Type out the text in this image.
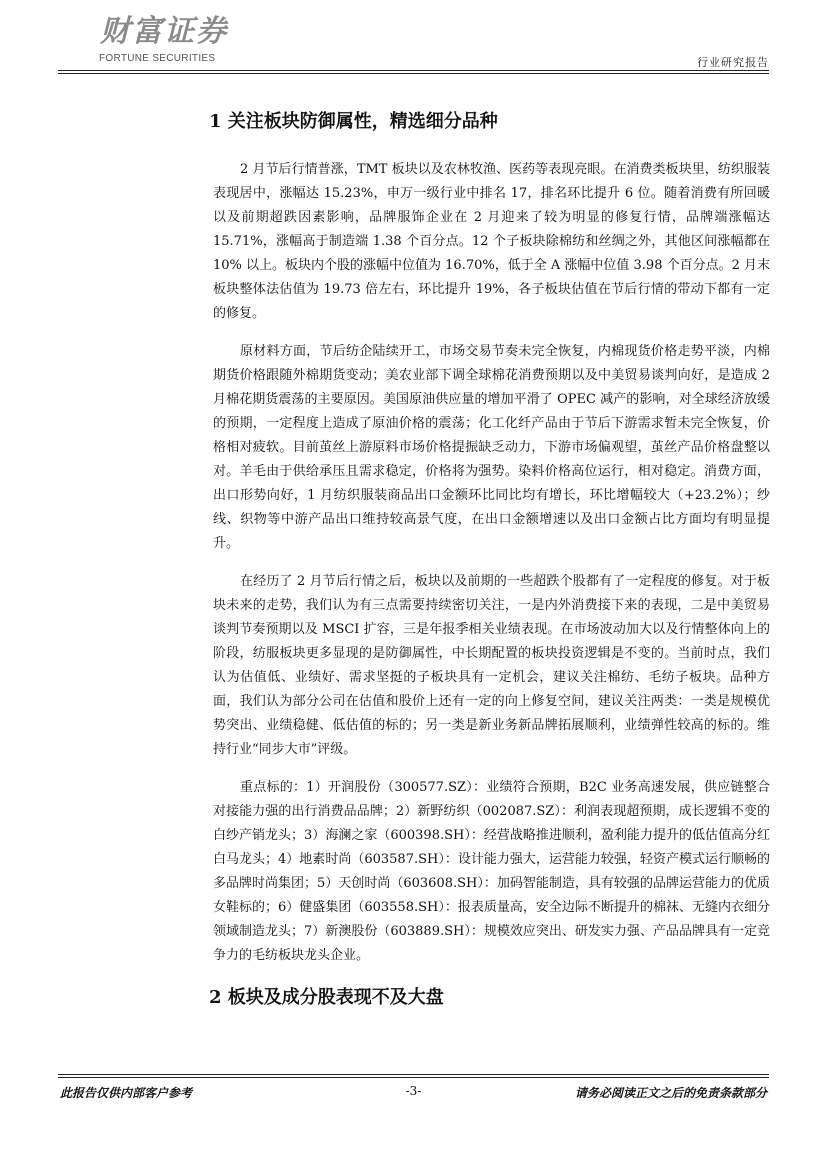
财富证券
FORTUNE SECURITIES	行业研究报告
1 关注板块防御属性，精选细分品种

2 月节后行情普涨，TMT 板块以及农林牧渔、医药等表现亮眼。在消费类板块里，纺织服装表现居中，涨幅达 15.23%，申万一级行业中排名 17，排名环比提升 6 位。随着消费有所回暖以及前期超跌因素影响，品牌服饰企业在 2 月迎来了较为明显的修复行情，品牌端涨幅达 15.71%，涨幅高于制造端 1.38 个百分点。12 个子板块除棉纺和丝绸之外，其他区间涨幅都在 10% 以上。板块内个股的涨幅中位值为 16.70%，低于全 A 涨幅中位值 3.98 个百分点。2 月末板块整体法估值为 19.73 倍左右，环比提升 19%，各子板块估值在节后行情的带动下都有一定的修复。

原材料方面，节后纺企陆续开工，市场交易节奏未完全恢复，内棉现货价格走势平淡，内棉期货价格跟随外棉期货变动；美农业部下调全球棉花消费预期以及中美贸易谈判向好，是造成 2 月棉花期货震荡的主要原因。美国原油供应量的增加平滑了 OPEC 减产的影响，对全球经济放缓的预期，一定程度上造成了原油价格的震荡；化工化纤产品由于节后下游需求暂未完全恢复，价格相对疲软。目前茧丝上游原料市场价格提振缺乏动力，下游市场偏观望，茧丝产品价格盘整以对。羊毛由于供给承压且需求稳定，价格将为强势。染料价格高位运行，相对稳定。消费方面，出口形势向好，1 月纺织服装商品出口金额环比同比均有增长，环比增幅较大（+23.2%）；纱线、织物等中游产品出口维持较高景气度，在出口金额增速以及出口金额占比方面均有明显提升。

在经历了 2 月节后行情之后，板块以及前期的一些超跌个股都有了一定程度的修复。对于板块未来的走势，我们认为有三点需要持续密切关注，一是内外消费接下来的表现，二是中美贸易谈判节奏预期以及 MSCI 扩容，三是年报季相关业绩表现。在市场波动加大以及行情整体向上的阶段，纺服板块更多显现的是防御属性，中长期配置的板块投资逻辑是不变的。当前时点，我们认为估值低、业绩好、需求坚挺的子板块具有一定机会，建议关注棉纺、毛纺子板块。品种方面，我们认为部分公司在估值和股价上还有一定的向上修复空间，建议关注两类：一类是规模优势突出、业绩稳健、低估值的标的；另一类是新业务新品牌拓展顺利，业绩弹性较高的标的。维持行业“同步大市”评级。

重点标的：1）开润股份（300577.SZ）：业绩符合预期，B2C 业务高速发展，供应链整合对接能力强的出行消费品品牌；2）新野纺织（002087.SZ）：利润表现超预期，成长逻辑不变的白纱产销龙头；3）海澜之家（600398.SH）：经营战略推进顺利，盈利能力提升的低估值高分红白马龙头；4）地素时尚（603587.SH）：设计能力强大，运营能力较强，轻资产模式运行顺畅的多品牌时尚集团；5）天创时尚（603608.SH）：加码智能制造，具有较强的品牌运营能力的优质女鞋标的；6）健盛集团（603558.SH）：报表质量高，安全边际不断提升的棉袜、无缝内衣细分领域制造龙头；7）新澳股份（603889.SH）：规模效应突出、研发实力强、产品品牌具有一定竞争力的毛纺板块龙头企业。

2 板块及成分股表现不及大盘
此报告仅供内部客户参考	-3-	请务必阅读正文之后的免责条款部分
